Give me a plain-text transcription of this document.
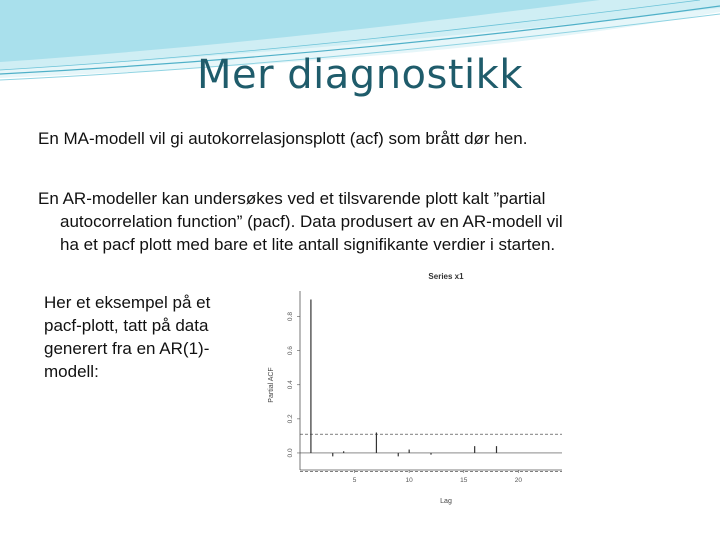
Mer diagnostikk
En MA-modell vil gi autokorrelasjonsplott (acf) som brått dør hen.
En AR-modeller kan undersøkes ved et tilsvarende plott kalt ”partial
autocorrelation function” (pacf). Data produsert av en AR-modell vil
ha et pacf plott med bare et lite antall signifikante verdier i starten.
Her et eksempel på et
pacf-plott, tatt på data
generert fra en AR(1)-
modell:
Series x1
Partial ACF
Lag
0.0
0.2
0.4
0.6
0.8
5	10	15	20
